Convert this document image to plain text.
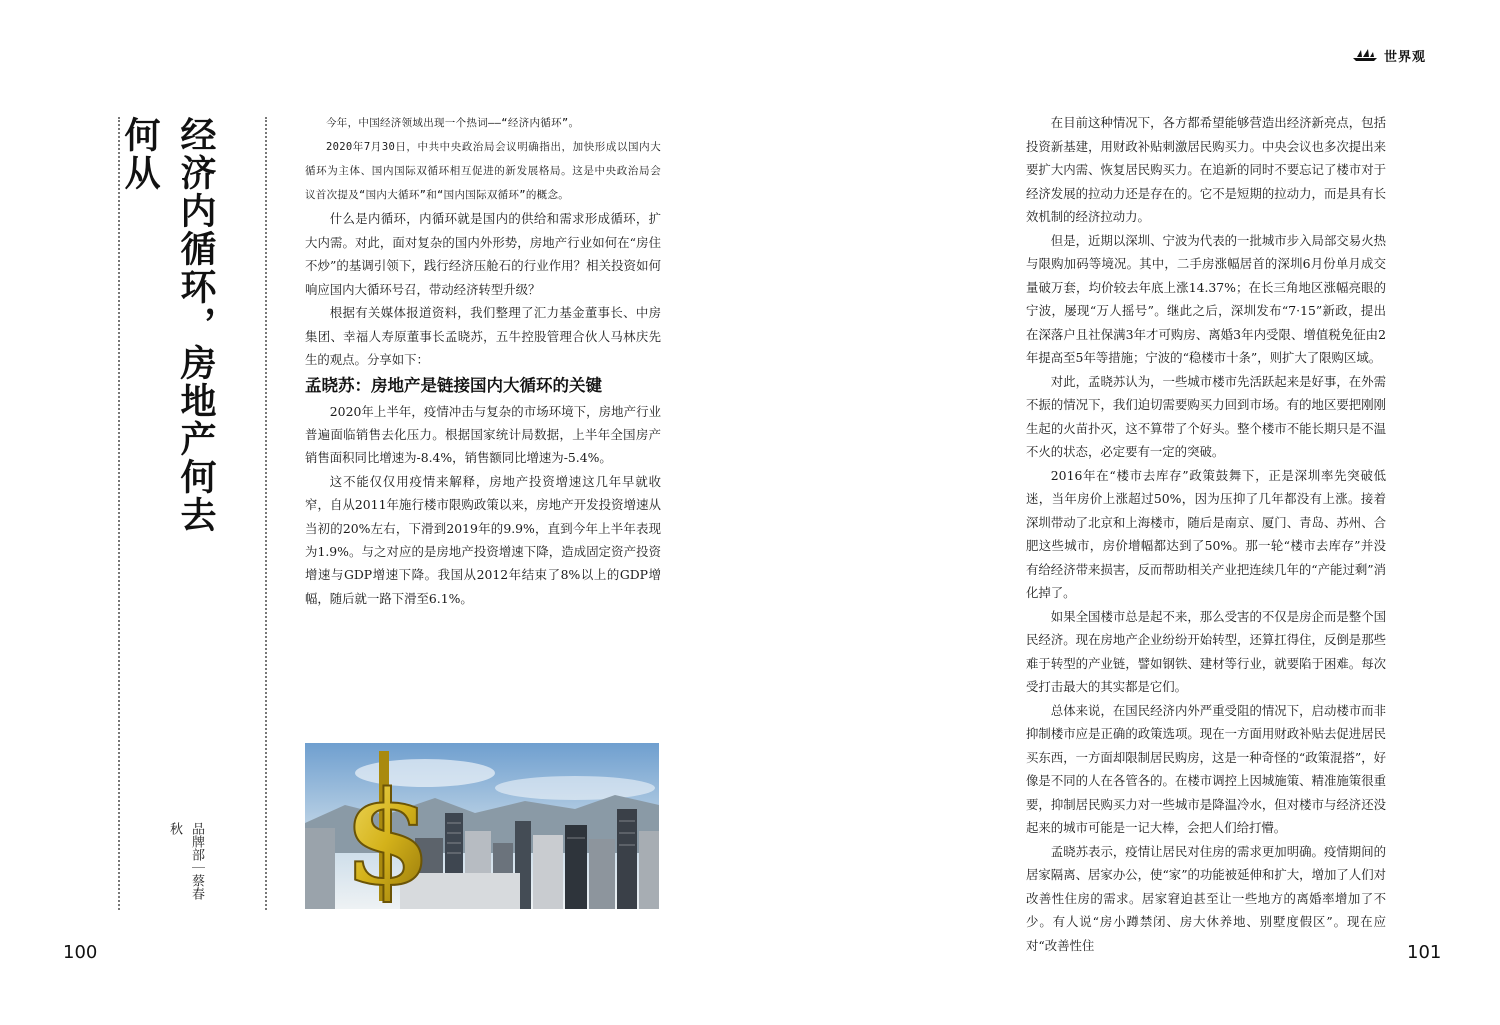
世界观
经济内循环，房地产何去何从
品牌部｜蔡春秋

今年，中国经济领域出现一个热词——“经济内循环”。

2020年7月30日，中共中央政治局会议明确指出，加快形成以国内大循环为主体、国内国际双循环相互促进的新发展格局。这是中央政治局会议首次提及“国内大循环”和“国内国际双循环”的概念。

什么是内循环，内循环就是国内的供给和需求形成循环，扩大内需。对此，面对复杂的国内外形势，房地产行业如何在“房住不炒”的基调引领下，践行经济压舱石的行业作用？相关投资如何响应国内大循环号召，带动经济转型升级？

根据有关媒体报道资料，我们整理了汇力基金董事长、中房集团、幸福人寿原董事长孟晓苏，五牛控股管理合伙人马林庆先生的观点。分享如下：

孟晓苏：房地产是链接国内大循环的关键

2020年上半年，疫情冲击与复杂的市场环境下，房地产行业普遍面临销售去化压力。根据国家统计局数据，上半年全国房产销售面积同比增速为-8.4%，销售额同比增速为-5.4%。

这不能仅仅用疫情来解释，房地产投资增速这几年早就收窄，自从2011年施行楼市限购政策以来，房地产开发投资增速从当初的20%左右，下滑到2019年的9.9%，直到今年上半年表现为1.9%。与之对应的是房地产投资增速下降，造成固定资产投资增速与GDP增速下降。我国从2012年结束了8%以上的GDP增幅，随后就一路下滑至6.1%。

$

在目前这种情况下，各方都希望能够营造出经济新亮点，包括投资新基建，用财政补贴刺激居民购买力。中央会议也多次提出来要扩大内需、恢复居民购买力。在追新的同时不要忘记了楼市对于经济发展的拉动力还是存在的。它不是短期的拉动力，而是具有长效机制的经济拉动力。

但是，近期以深圳、宁波为代表的一批城市步入局部交易火热与限购加码等境况。其中，二手房涨幅居首的深圳6月份单月成交量破万套，均价较去年底上涨14.37%；在长三角地区涨幅亮眼的宁波，屡现“万人摇号”。继此之后，深圳发布“7·15”新政，提出在深落户且社保满3年才可购房、离婚3年内受限、增值税免征由2年提高至5年等措施；宁波的“稳楼市十条”，则扩大了限购区域。

对此，孟晓苏认为，一些城市楼市先活跃起来是好事，在外需不振的情况下，我们迫切需要购买力回到市场。有的地区要把刚刚生起的火苗扑灭，这不算带了个好头。整个楼市不能长期只是不温不火的状态，必定要有一定的突破。

2016年在“楼市去库存”政策鼓舞下，正是深圳率先突破低迷，当年房价上涨超过50%，因为压抑了几年都没有上涨。接着深圳带动了北京和上海楼市，随后是南京、厦门、青岛、苏州、合肥这些城市，房价增幅都达到了50%。那一轮“楼市去库存”并没有给经济带来损害，反而帮助相关产业把连续几年的“产能过剩”消化掉了。

如果全国楼市总是起不来，那么受害的不仅是房企而是整个国民经济。现在房地产企业纷纷开始转型，还算扛得住，反倒是那些难于转型的产业链，譬如钢铁、建材等行业，就要陷于困难。每次受打击最大的其实都是它们。

总体来说，在国民经济内外严重受阻的情况下，启动楼市而非抑制楼市应是正确的政策选项。现在一方面用财政补贴去促进居民买东西，一方面却限制居民购房，这是一种奇怪的“政策混搭”，好像是不同的人在各管各的。在楼市调控上因城施策、精准施策很重要，抑制居民购买力对一些城市是降温冷水，但对楼市与经济还没起来的城市可能是一记大棒，会把人们给打懵。

孟晓苏表示，疫情让居民对住房的需求更加明确。疫情期间的居家隔离、居家办公，使“家”的功能被延伸和扩大，增加了人们对改善性住房的需求。居家窘迫甚至让一些地方的离婚率增加了不少。有人说“房小蹲禁闭、房大休养地、别墅度假区”。现在应对“改善性住

100	101
